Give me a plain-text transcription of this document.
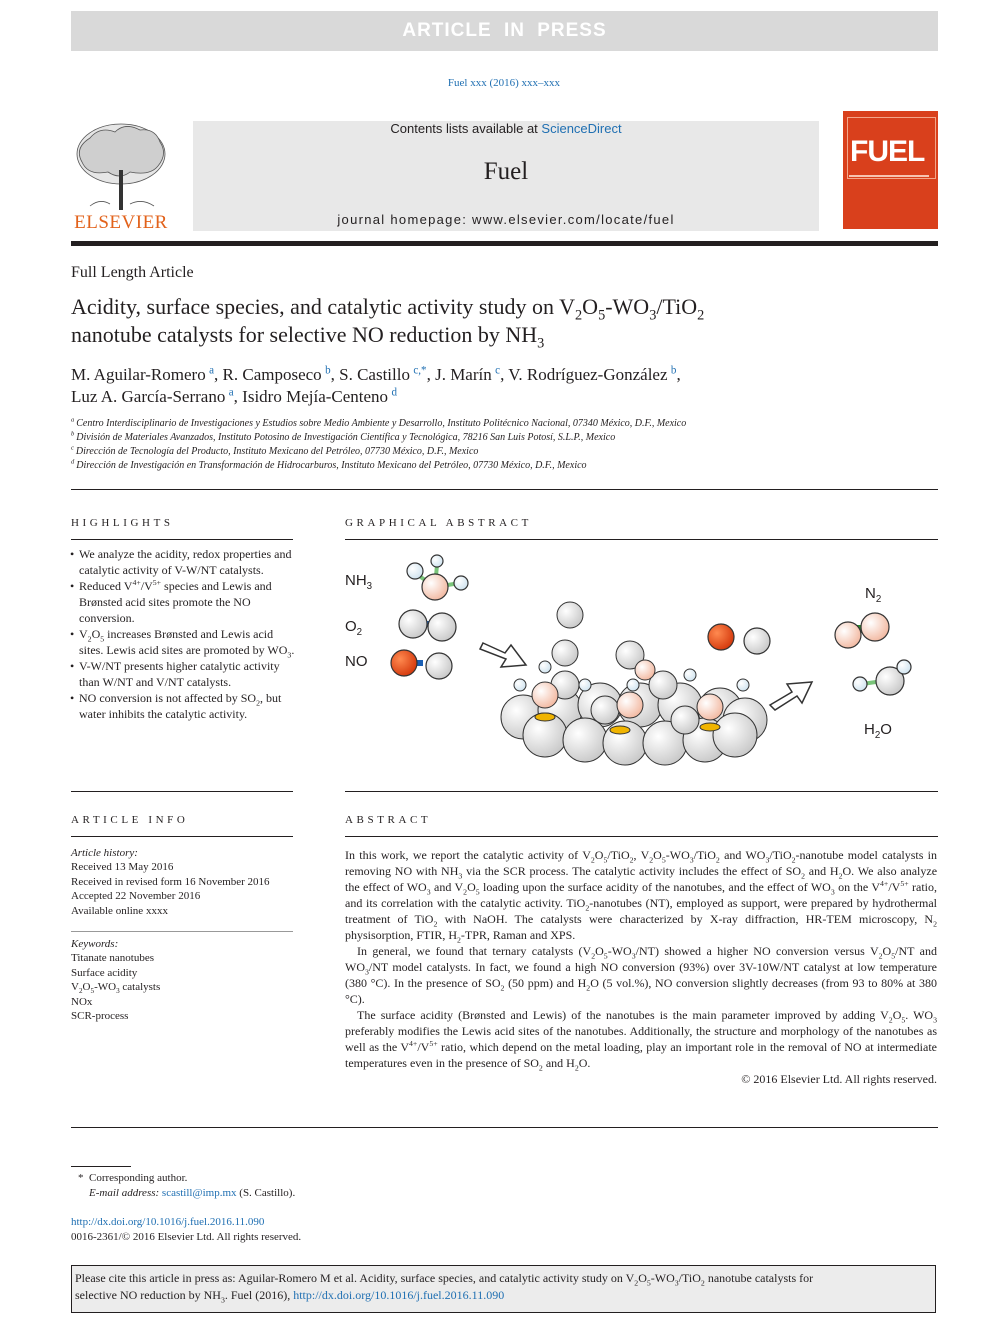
ARTICLE IN PRESS
Fuel xxx (2016) xxx–xxx
ELSEVIER
Contents lists available at ScienceDirect
Fuel
journal homepage: www.elsevier.com/locate/fuel
FUEL
Full Length Article
Acidity, surface species, and catalytic activity study on $V_2O_5-WO_3/TiO_2$
nanotube catalysts for selective NO reduction by $NH_3$
M. Aguilar-Romero  $^a$, R. Camposeco  $^b$, S. Castillo  $^{c,*}$, J. Marín  $^c$, V. Rodríguez-González  $^b$,
Luz A. García-Serrano  $^a$, Isidro Mejía-Centeno  $^d$
$^a$  Centro Interdisciplinario de Investigaciones y Estudios sobre Medio Ambiente y Desarrollo, Instituto Politécnico Nacional, 07340 México, D.F., Mexico
$^b$  División de Materiales Avanzados, Instituto Potosino de Investigación Científica y Tecnológica, 78216 San Luis Potosí, S.L.P., Mexico
$^c$  Dirección de Tecnología del Producto, Instituto Mexicano del Petróleo, 07730 México, D.F., Mexico
$^d$  Dirección de Investigación en Transformación de Hidrocarburos, Instituto Mexicano del Petróleo, 07730 México, D.F., Mexico
HIGHLIGHTS
• We analyze the acidity, redox properties and catalytic activity of V-W/NT catalysts.
• Reduced $V^{4+}/V^{5+}$ species and Lewis and Brønsted acid sites promote the NO conversion.
• $V_2O_5$ increases Brønsted and Lewis acid sites. Lewis acid sites are promoted by $WO_3$.
• V-W/NT presents higher catalytic activity than W/NT and V/NT catalysts.
• NO conversion is not affected by $SO_2$, but water inhibits the catalytic activity.
GRAPHICAL ABSTRACT
$NH_3$
$O_2$
NO
$N_2$
$H_2O$
ARTICLE INFO
Article history:
Received 13 May 2016
Received in revised form 16 November 2016
Accepted 22 November 2016
Available online xxxx
Keywords:
Titanate nanotubes
Surface acidity
$V_2O_5-WO_3$ catalysts
NOx
SCR-process
ABSTRACT

In this work, we report the catalytic activity of $V_2O_5/TiO_2$, $V_2O_5-WO_3/TiO_2$ and $WO_3/TiO_2$-nanotube model catalysts in removing NO with $NH_3$ via the SCR process. The catalytic activity includes the effect of $SO_2$ and $H_2O$. We also analyze the effect of $WO_3$ and $V_2O_5$ loading upon the surface acidity of the nanotubes, and the effect of $WO_3$ on the $V^{4+}/V^{5+}$ ratio, and its correlation with the catalytic activity. TiO$_2$-nanotubes (NT), employed as support, were prepared by hydrothermal treatment of TiO$_2$ with NaOH. The catalysts were characterized by X-ray diffraction, HR-TEM microscopy, $N_2$ physisorption, FTIR, $H_2$-TPR, Raman and XPS.

In general, we found that ternary catalysts $(V_2O_5-WO_3/NT)$ showed a higher NO conversion versus $V_2O_5/NT$ and $WO_3/NT$ model catalysts. In fact, we found a high NO conversion (93%) over 3V-10W/NT catalyst at low temperature (380 °C). In the presence of $SO_2$ (50 ppm) and $H_2O$ (5 vol.%), NO conversion slightly decreases (from 93 to 80% at 380 °C).

The surface acidity (Brønsted and Lewis) of the nanotubes is the main parameter improved by adding $V_2O_5$. $WO_3$ preferably modifies the Lewis acid sites of the nanotubes. Additionally, the structure and morphology of the nanotubes as well as the $V^{4+}/V^{5+}$ ratio, which depend on the metal loading, play an important role in the removal of NO at intermediate temperatures even in the presence of $SO_2$ and $H_2O$.

© 2016 Elsevier Ltd. All rights reserved.
* Corresponding author.
E-mail address: scastill@imp.mx (S. Castillo).
http://dx.doi.org/10.1016/j.fuel.2016.11.090
0016-2361/© 2016 Elsevier Ltd. All rights reserved.
Please cite this article in press as: Aguilar-Romero M et al. Acidity, surface species, and catalytic activity study on $V_2O_5-WO_3/TiO_2$ nanotube catalysts for
selective NO reduction by $NH_3$. Fuel (2016), http://dx.doi.org/10.1016/j.fuel.2016.11.090
